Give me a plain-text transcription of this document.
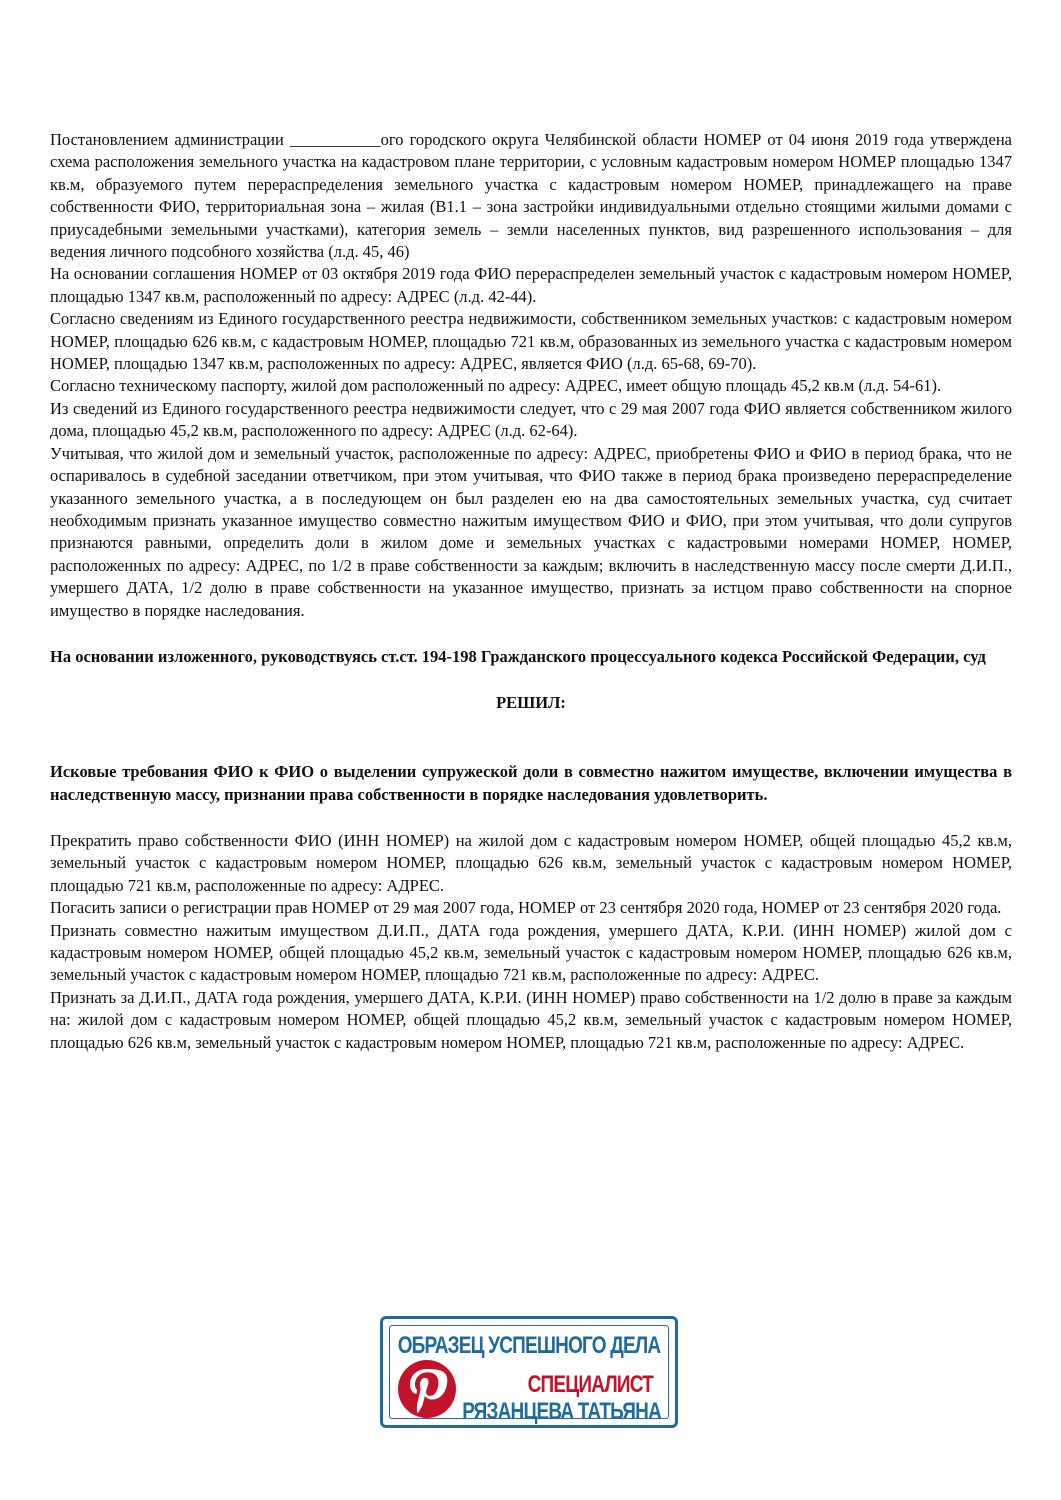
Постановлением администрации ___________ого городского округа Челябинской области НОМЕР от 04 июня 2019 года утверждена схема расположения земельного участка на кадастровом плане территории, с условным кадастровым номером НОМЕР площадью 1347 кв.м, образуемого путем перераспределения земельного участка с кадастровым номером НОМЕР, принадлежащего на праве собственности ФИО, территориальная зона – жилая (В1.1 – зона застройки индивидуальными отдельно стоящими жилыми домами с приусадебными земельными участками), категория земель – земли населенных пунктов, вид разрешенного использования – для ведения личного подсобного хозяйства (л.д. 45, 46)

На основании соглашения НОМЕР от 03 октября 2019 года ФИО перераспределен земельный участок с кадастровым номером НОМЕР, площадью 1347 кв.м, расположенный по адресу: АДРЕС (л.д. 42-44).

Согласно сведениям из Единого государственного реестра недвижимости, собственником земельных участков: с кадастровым номером НОМЕР, площадью 626 кв.м, с кадастровым НОМЕР, площадью 721 кв.м, образованных из земельного участка с кадастровым номером НОМЕР, площадью 1347 кв.м, расположенных по адресу: АДРЕС, является ФИО (л.д. 65-68, 69-70).

Согласно техническому паспорту, жилой дом расположенный по адресу: АДРЕС, имеет общую площадь 45,2 кв.м (л.д. 54-61).

Из сведений из Единого государственного реестра недвижимости следует, что с 29 мая 2007 года ФИО является собственником жилого дома, площадью 45,2 кв.м, расположенного по адресу: АДРЕС (л.д. 62-64).

Учитывая, что жилой дом и земельный участок, расположенные по адресу: АДРЕС, приобретены ФИО и ФИО в период брака, что не оспаривалось в судебной заседании ответчиком, при этом учитывая, что ФИО также в период брака произведено перераспределение указанного земельного участка, а в последующем он был разделен ею на два самостоятельных земельных участка, суд считает необходимым признать указанное имущество совместно нажитым имуществом ФИО и ФИО, при этом учитывая, что доли супругов признаются равными, определить доли в жилом доме и земельных участках с кадастровыми номерами НОМЕР, НОМЕР, расположенных по адресу: АДРЕС, по 1/2 в праве собственности за каждым; включить в наследственную массу после смерти Д.И.П., умершего ДАТА, 1/2 долю в праве собственности на указанное имущество, признать за истцом право собственности на спорное имущество в порядке наследования.

На основании изложенного, руководствуясь ст.ст. 194-198 Гражданского процессуального кодекса Российской Федерации, суд

РЕШИЛ:

Исковые требования ФИО к ФИО о выделении супружеской доли в совместно нажитом имуществе, включении имущества в наследственную массу, признании права собственности в порядке наследования удовлетворить.

Прекратить право собственности ФИО (ИНН НОМЕР) на жилой дом с кадастровым номером НОМЕР, общей площадью 45,2 кв.м, земельный участок с кадастровым номером НОМЕР, площадью 626 кв.м, земельный участок с кадастровым номером НОМЕР, площадью 721 кв.м, расположенные по адресу: АДРЕС.

Погасить записи о регистрации прав НОМЕР от 29 мая 2007 года, НОМЕР от 23 сентября 2020 года, НОМЕР от 23 сентября 2020 года.

Признать совместно нажитым имуществом Д.И.П., ДАТА года рождения, умершего ДАТА, К.Р.И. (ИНН НОМЕР) жилой дом с кадастровым номером НОМЕР, общей площадью 45,2 кв.м, земельный участок с кадастровым номером НОМЕР, площадью 626 кв.м, земельный участок с кадастровым номером НОМЕР, площадью 721 кв.м, расположенные по адресу: АДРЕС.

Признать за Д.И.П., ДАТА года рождения, умершего ДАТА, К.Р.И. (ИНН НОМЕР) право собственности на 1/2 долю в праве за каждым на: жилой дом с кадастровым номером НОМЕР, общей площадью 45,2 кв.м, земельный участок с кадастровым номером НОМЕР, площадью 626 кв.м, земельный участок с кадастровым номером НОМЕР, площадью 721 кв.м, расположенные по адресу: АДРЕС.

ОБРАЗЕЦ УСПЕШНОГО ДЕЛА
СПЕЦИАЛИСТ
РЯЗАНЦЕВА ТАТЬЯНА
